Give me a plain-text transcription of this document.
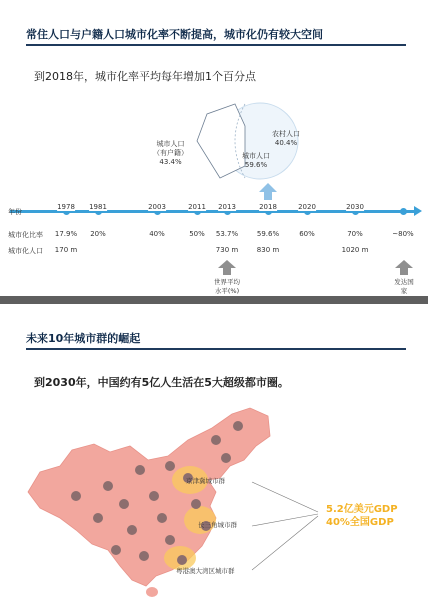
常住人口与户籍人口城市化率不断提高，城市化仍有较大空间
到2018年，城市化率平均每年增加1个百分点
城市人口
（有户籍）
43.4%
农村人口
40.4%
城市人口
59.6%
年份
城市化比率
城市化人口
世界平均
水平(%)
发达国家

1978
17.9%
170 m
1981
20%
2003
40%
2011
50%
2013
53.7%
730 m
2018
59.6%
830 m
2020
60%
2030
70%
1020 m
~80%
未来10年城市群的崛起
到2030年，中国约有5亿人生活在5大超级都市圈。
京津冀城市群
长三角城市群
粤港澳大湾区城市群
5.2亿美元GDP
40%全国GDP
